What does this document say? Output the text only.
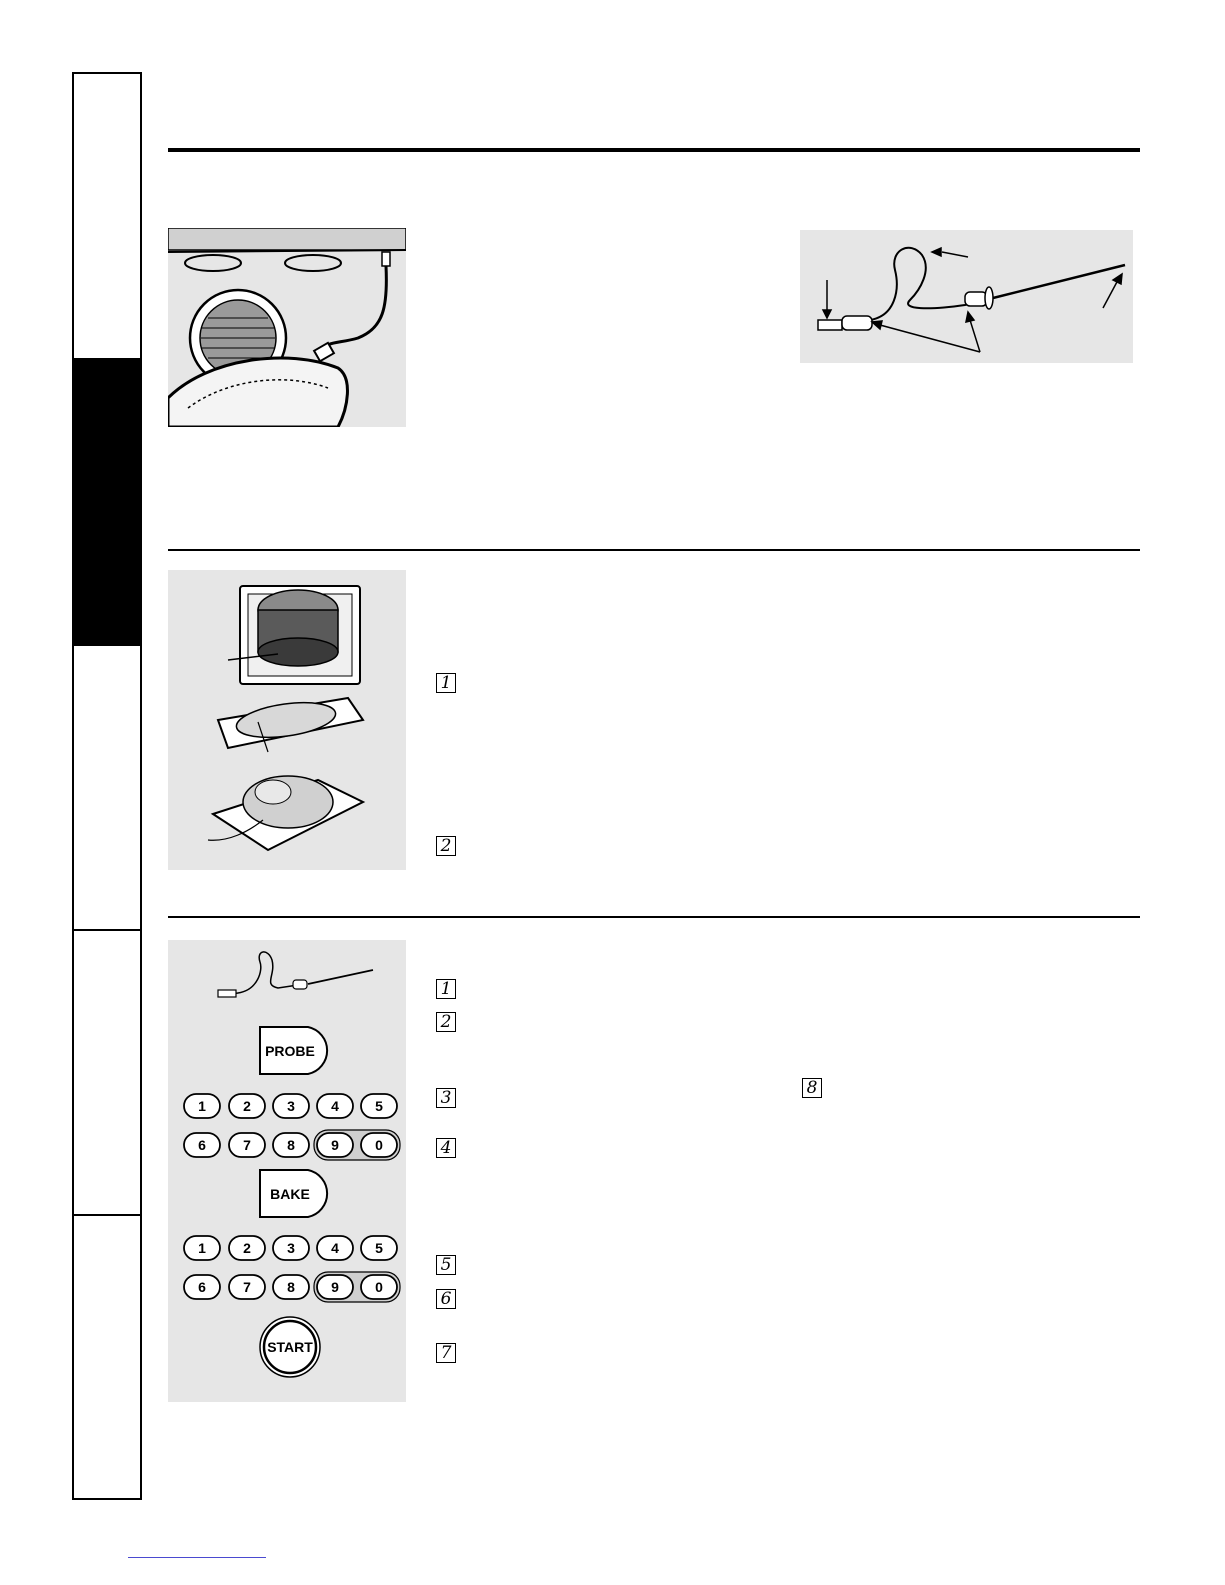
1
2
PROBE
1	2	3	4	5
6	7	8	9	0
BAKE
1	2	3	4	5
6	7	8	9	0
START
1
2
3	8
4
5
6
7
